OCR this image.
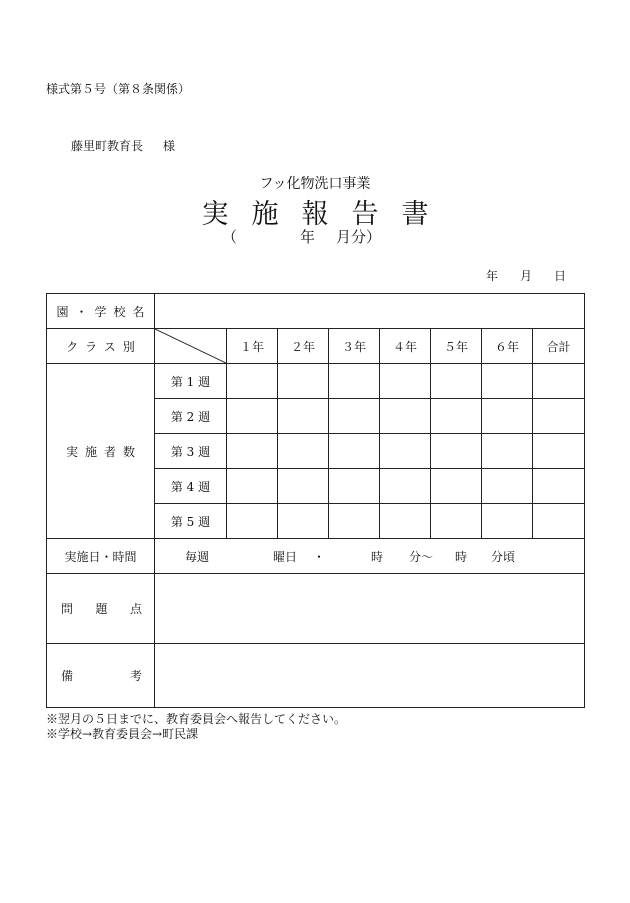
様式第５号（第８条関係）
藤里町教育長 様
フッ化物洗口事業
実施報告書
（	年 月分）
年 月 日
園・学校名								
クラス別		１年	２年	３年	４年	５年	６年	合計
実施者数	第 1 週							
	第 2 週							
	第 3 週							
	第 4 週							
	第 5 週							
実施日・時間	毎週 曜日 ・ 時 分〜 時 分頃							

問 題 点								

備 考								

※翌月の５日までに、教育委員会へ報告してください。
※学校→教育委員会→町民課
